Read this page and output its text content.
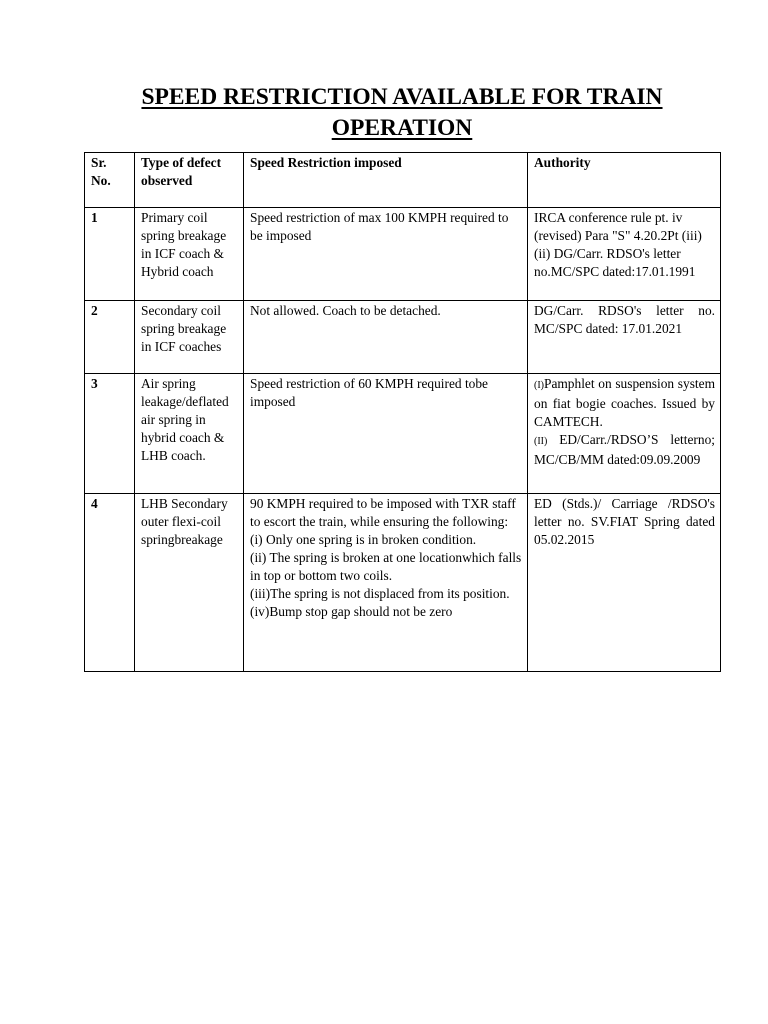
SPEED RESTRICTION AVAILABLE FOR TRAIN
OPERATION
Sr. No.	Type of defect observed	Speed Restriction imposed	Authority
1	Primary coil spring breakage in ICF coach & Hybrid coach	Speed restriction of max 100 KMPH required to be imposed	IRCA conference rule pt. iv (revised) Para "S" 4.20.2Pt (iii) (ii) DG/Carr. RDSO's letter no.MC/SPC dated:17.01.1991
2	Secondary coil spring breakage in ICF coaches	Not allowed. Coach to be detached.	DG/Carr. RDSO's letter no. MC/SPC dated: 17.01.2021
3	Air spring leakage/deflated air spring in hybrid coach & LHB coach.	Speed restriction of 60 KMPH required tobe imposed	(I)Pamphlet on suspension system on fiat bogie coaches. Issued by CAMTECH.
(II) ED/Carr./RDSO’S letterno; MC/CB/MM dated:09.09.2009

4	LHB Secondary outer flexi-coil springbreakage	90 KMPH required to be imposed with TXR staff to escort the train, while ensuring the following:
(i) Only one spring is in broken condition.
(ii) The spring is broken at one locationwhich falls in top or bottom two coils.
(iii)The spring is not displaced from its position.
(iv)Bump stop gap should not be zero	ED (Stds.)/ Carriage /RDSO's letter no. SV.FIAT Spring dated 05.02.2015
